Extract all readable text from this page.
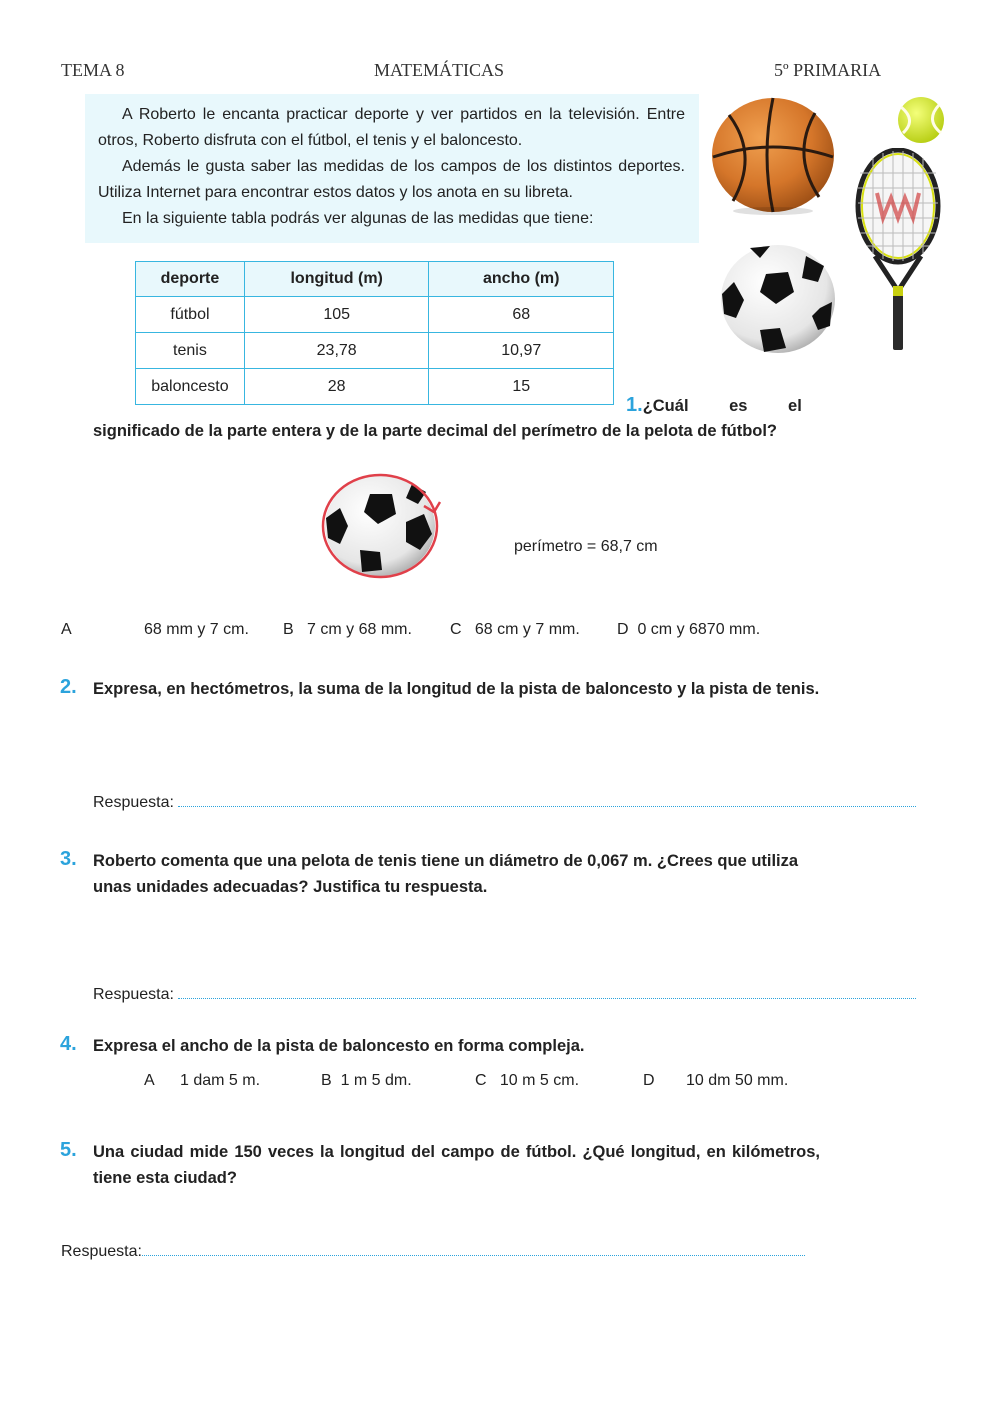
TEMA 8	MATEMÁTICAS	5º PRIMARIA

A Roberto le encanta practicar deporte y ver partidos en la televisión. Entre otros, Roberto disfruta con el fútbol, el tenis y el baloncesto.

Además le gusta saber las medidas de los campos de los distintos deportes. Utiliza Internet para encontrar estos datos y los anota en su libreta.

En la siguiente tabla podrás ver algunas de las medidas que tiene:

deporte	longitud (m)	ancho (m)
fútbol	105	68
tenis	23,78	10,97
baloncesto	28	15
1. ¿Cuál es el
significado de la parte entera y de la parte decimal del perímetro de la pelota de fútbol?
perímetro = 68,7 cm
A	68 mm y 7 cm. B   7 cm y 68 mm. C   68 cm y 7 mm. D  0 cm y 6870 mm.
2. Expresa, en hectómetros, la suma de la longitud de la pista de baloncesto y la pista de tenis.
Respuesta:
3. Roberto comenta que una pelota de tenis tiene un diámetro de 0,067 m. ¿Crees que utiliza unas unidades adecuadas? Justifica tu respuesta.
Respuesta:
4. Expresa el ancho de la pista de baloncesto en forma compleja.
A 1 dam 5 m.	B  1 m 5 dm.	C   10 m 5 cm.	D 10 dm 50 mm.
5. Una ciudad mide 150 veces la longitud del campo de fútbol. ¿Qué longitud, en kilómetros, tiene esta ciudad?
Respuesta:
